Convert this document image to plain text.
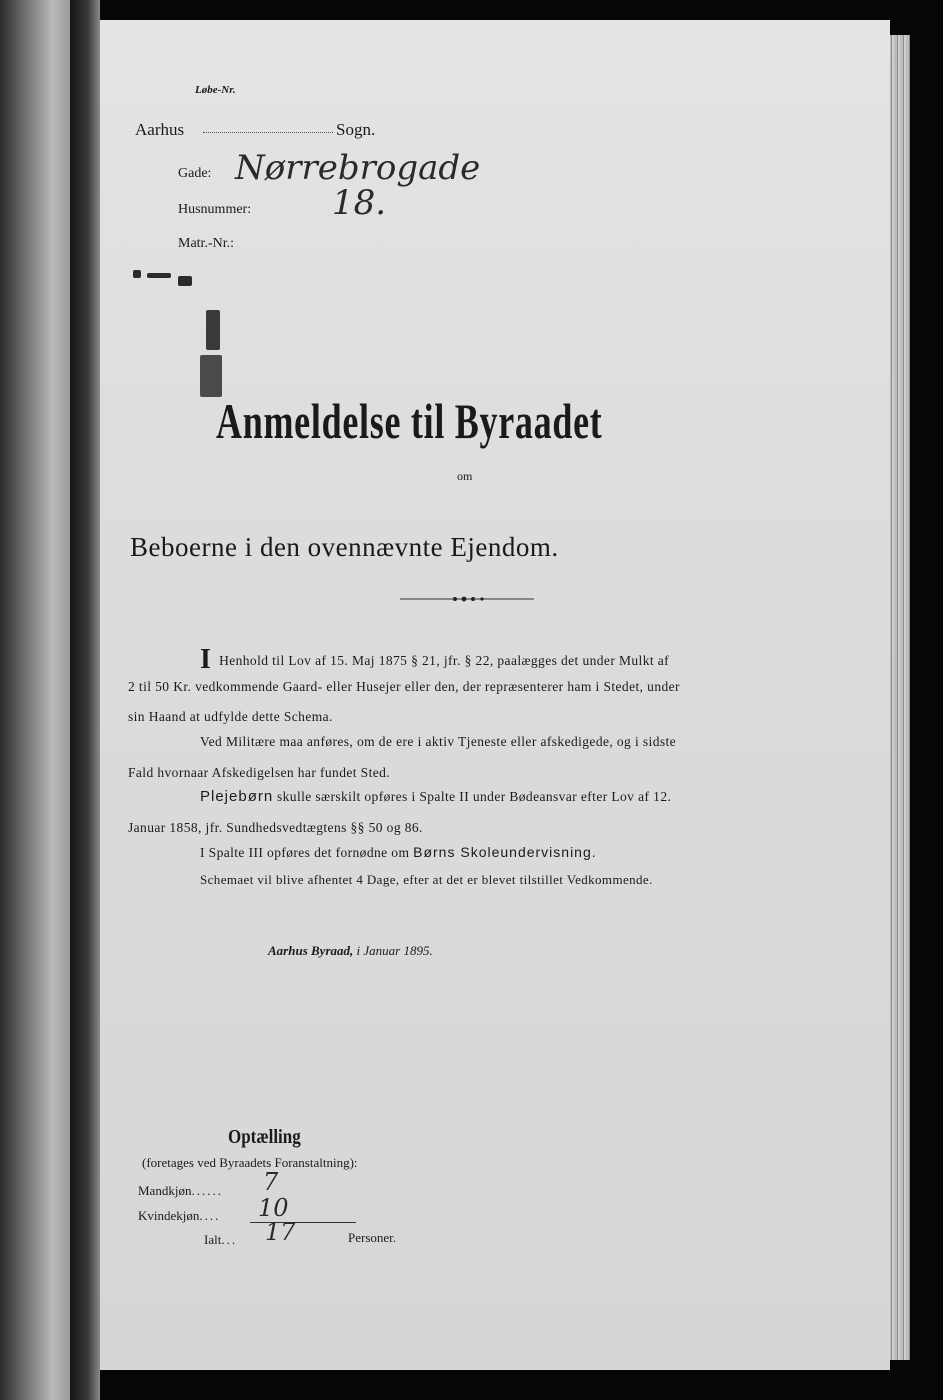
Løbe-Nr.
Aarhus	Sogn.
Gade: Nørrebrogade
Husnummer: 18.
Matr.-Nr.:
Anmeldelse til Byraadet
om
Beboerne i den ovennævnte Ejendom.
I Henhold til Lov af 15. Maj 1875 § 21, jfr. § 22, paalægges det under Mulkt af
2 til 50 Kr. vedkommende Gaard- eller Husejer eller den, der repræsenterer ham i Stedet, under
sin Haand at udfylde dette Schema.
Ved Militære maa anføres, om de ere i aktiv Tjeneste eller afskedigede, og i sidste
Fald hvornaar Afskedigelsen har fundet Sted.
Plejebørn skulle særskilt opføres i Spalte II under Bødeansvar efter Lov af 12.
Januar 1858, jfr. Sundhedsvedtægtens §§ 50 og 86.
I Spalte III opføres det fornødne om Børns Skoleundervisning.
Schemaet vil blive afhentet 4 Dage, efter at det er blevet tilstillet Vedkommende.
Aarhus Byraad, i Januar 1895.
Optælling
(foretages ved Byraadets Foranstaltning):
Mandkjøn...... 7
Kvindekjøn.... 10
Ialt... 17	Personer.
